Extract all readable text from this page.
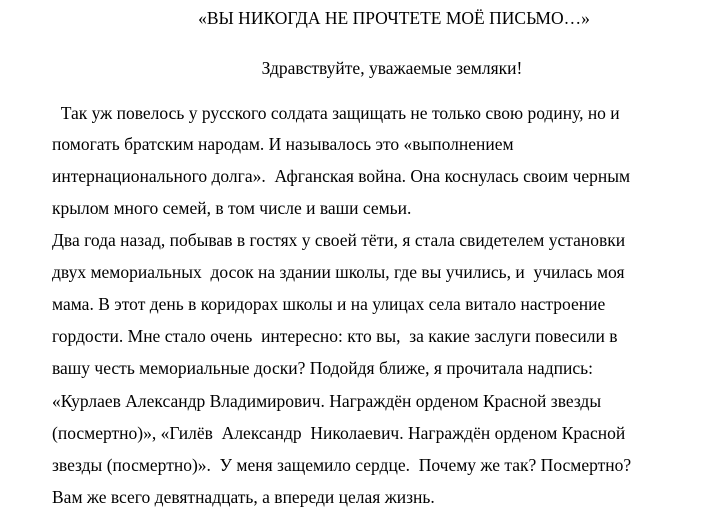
«ВЫ НИКОГДА НЕ ПРОЧТЕТЕ МОЁ ПИСЬМО…»

Здравствуйте, уважаемые земляки!

Так уж повелось у русского солдата защищать не только свою родину, но и

помогать братским народам. И называлось это «выполнением

интернационального долга».  Афганская война. Она коснулась своим черным

крылом много семей, в том числе и ваши семьи.

Два года назад, побывав в гостях у своей тёти, я стала свидетелем установки

двух мемориальных  досок на здании школы, где вы учились, и  училась моя

мама. В этот день в коридорах школы и на улицах села витало настроение

гордости. Мне стало очень  интересно: кто вы,  за какие заслуги повесили в

вашу честь мемориальные доски? Подойдя ближе, я прочитала надпись:

«Курлаев Александр Владимирович. Награждён орденом Красной звезды

(посмертно)», «Гилёв  Александр  Николаевич. Награждён орденом Красной

звезды (посмертно)».  У меня защемило сердце.  Почему же так? Посмертно?

Вам же всего девятнадцать, а впереди целая жизнь.
